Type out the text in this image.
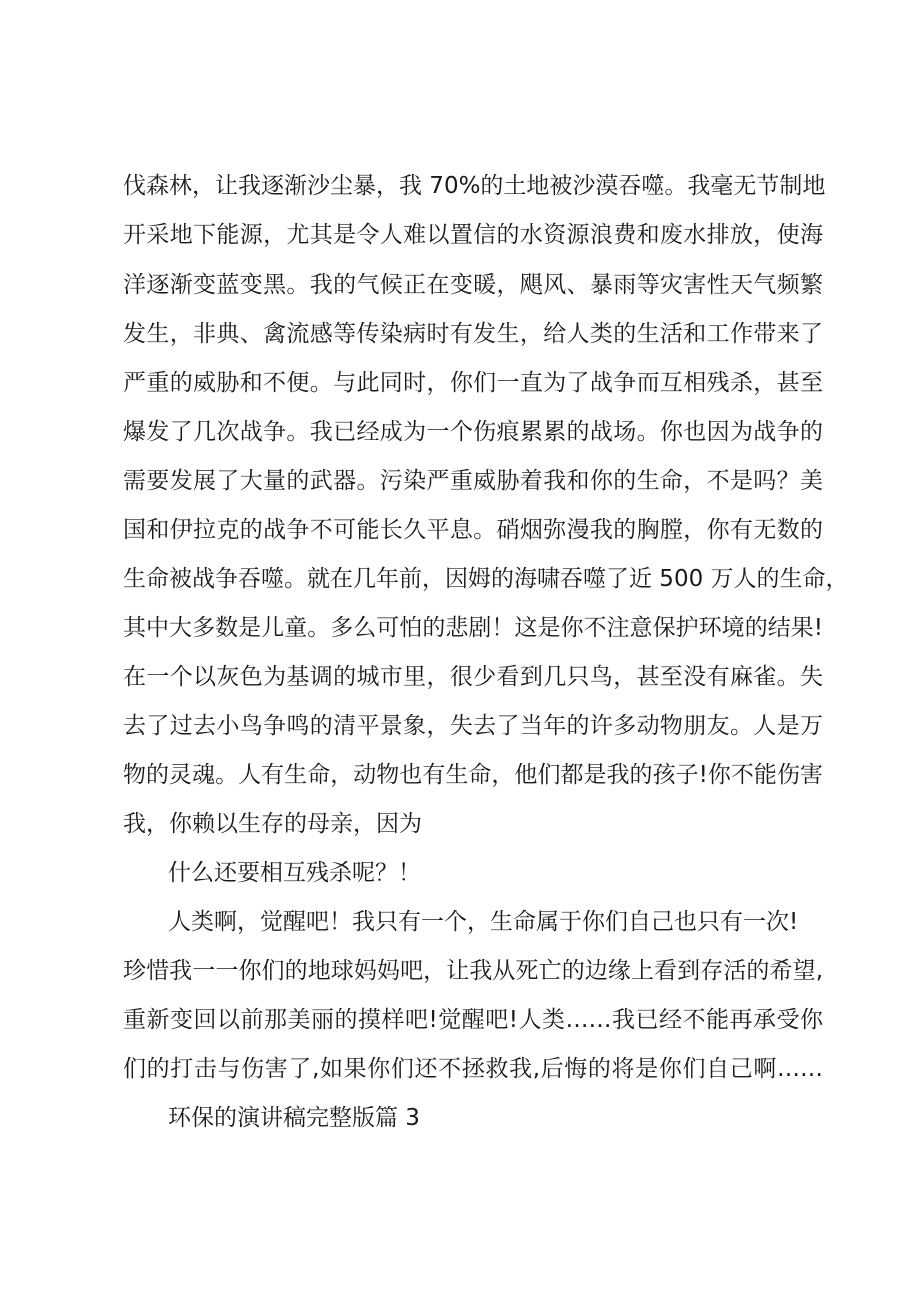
伐森林，让我逐渐沙尘暴，我 70%的土地被沙漠吞噬。我毫无节制地
开采地下能源，尤其是令人难以置信的水资源浪费和废水排放，使海
洋逐渐变蓝变黑。我的气候正在变暖，飓风、暴雨等灾害性天气频繁
发生，非典、禽流感等传染病时有发生，给人类的生活和工作带来了
严重的威胁和不便。与此同时，你们一直为了战争而互相残杀，甚至
爆发了几次战争。我已经成为一个伤痕累累的战场。你也因为战争的
需要发展了大量的武器。污染严重威胁着我和你的生命，不是吗？美
国和伊拉克的战争不可能长久平息。硝烟弥漫我的胸膛，你有无数的
生命被战争吞噬。就在几年前，因姆的海啸吞噬了近 500 万人的生命，
其中大多数是儿童。多么可怕的悲剧！这是你不注意保护环境的结果!
在一个以灰色为基调的城市里，很少看到几只鸟，甚至没有麻雀。失
去了过去小鸟争鸣的清平景象，失去了当年的许多动物朋友。人是万
物的灵魂。人有生命，动物也有生命，他们都是我的孩子!你不能伤害
我，你赖以生存的母亲，因为
什么还要相互残杀呢？！
人类啊，觉醒吧！我只有一个，生命属于你们自己也只有一次!
珍惜我一一你们的地球妈妈吧，让我从死亡的边缘上看到存活的希望,
重新变回以前那美丽的摸样吧!觉醒吧!人类……我已经不能再承受你
们的打击与伤害了,如果你们还不拯救我,后悔的将是你们自己啊……
环保的演讲稿完整版篇 3
